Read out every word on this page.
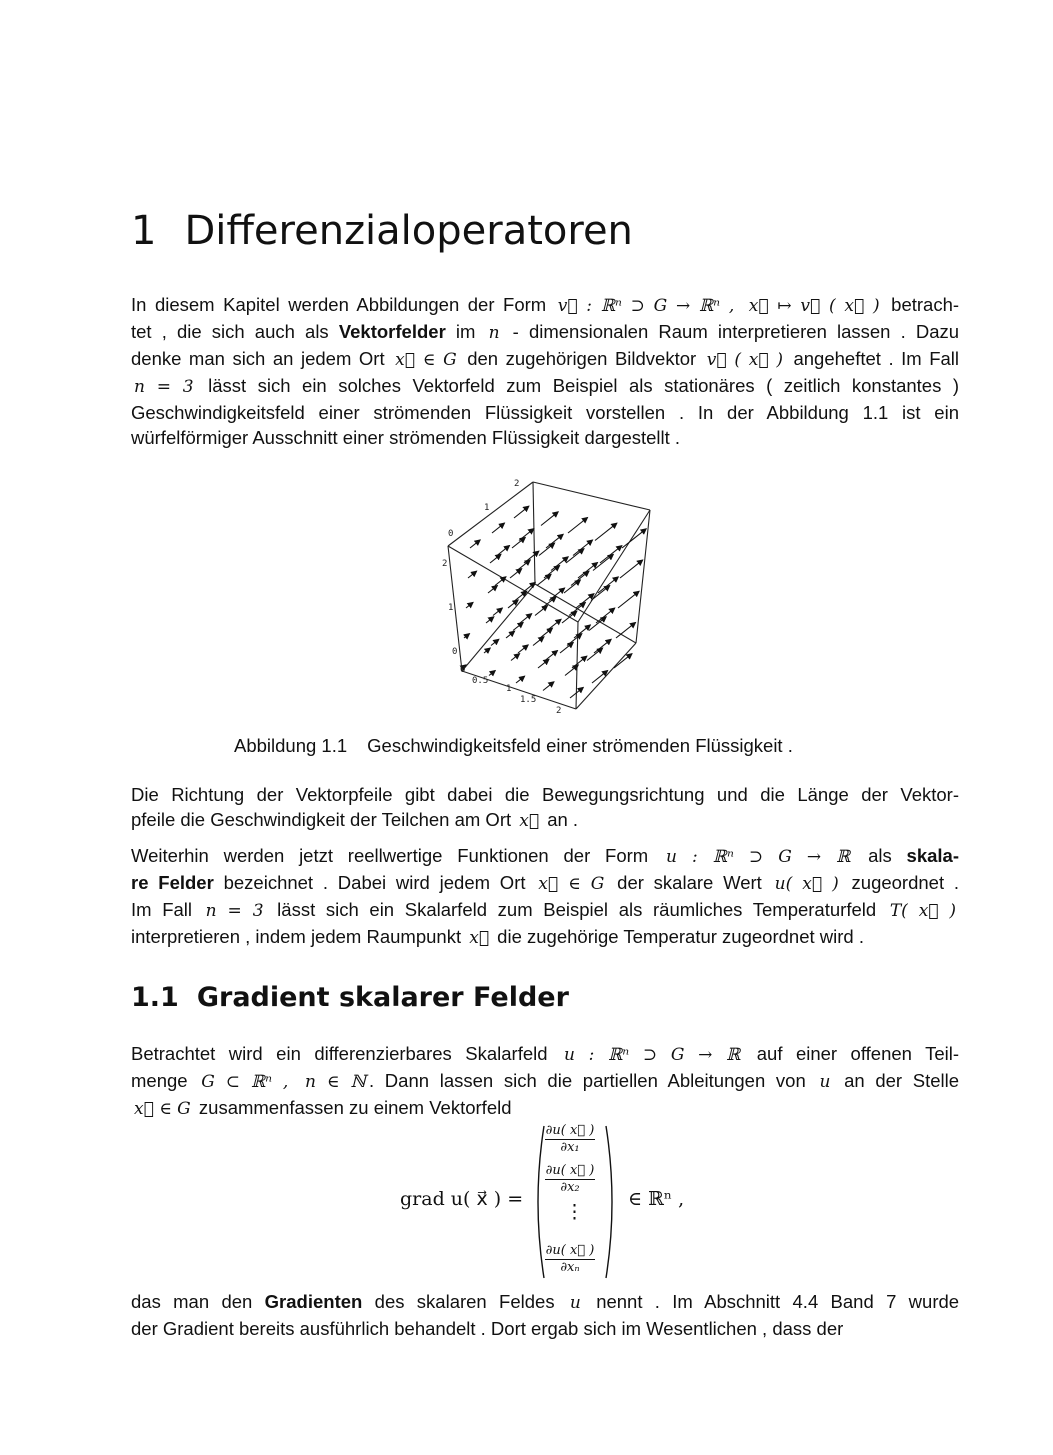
1 Differenzialoperatoren
In diesem Kapitel werden Abbildungen der Form v⃗ : ℝⁿ ⊃ G → ℝⁿ , x⃗ ↦ v⃗ ( x⃗ ) betrach-
tet , die sich auch als Vektorfelder im n - dimensionalen Raum interpretieren lassen . Dazu
denke man sich an jedem Ort x⃗ ∈ G den zugehörigen Bildvektor v⃗ ( x⃗ ) angeheftet . Im Fall
n = 3 lässt sich ein solches Vektorfeld zum Beispiel als stationäres ( zeitlich konstantes )
Geschwindigkeitsfeld einer strömenden Flüssigkeit vorstellen . In der Abbildung 1.1 ist ein
würfelförmiger Ausschnitt einer strömenden Flüssigkeit dargestellt .
0
1
2
0
1
2
0
0.5
1
1.5
2
Abbildung 1.1 Geschwindigkeitsfeld einer strömenden Flüssigkeit .
Die Richtung der Vektorpfeile gibt dabei die Bewegungsrichtung und die Länge der Vektor-
pfeile die Geschwindigkeit der Teilchen am Ort x⃗ an .
Weiterhin werden jetzt reellwertige Funktionen der Form u : ℝⁿ ⊃ G → ℝ als skala-
re Felder bezeichnet . Dabei wird jedem Ort x⃗ ∈ G der skalare Wert u( x⃗ ) zugeordnet .
Im Fall n = 3 lässt sich ein Skalarfeld zum Beispiel als räumliches Temperaturfeld T( x⃗ )
interpretieren , indem jedem Raumpunkt x⃗ die zugehörige Temperatur zugeordnet wird .
1.1 Gradient skalarer Felder
Betrachtet wird ein differenzierbares Skalarfeld u : ℝⁿ ⊃ G → ℝ auf einer offenen Teil-
menge G ⊂ ℝⁿ , n ∈ ℕ . Dann lassen sich die partiellen Ableitungen von u an der Stelle
x⃗ ∈ G zusammenfassen zu einem Vektorfeld
grad u( x⃗ ) =
$\frac{\partial u( x⃗ )}{\text{∂x₁}}$
$\frac{\partial u( x⃗ )}{\text{∂x₂}}$
⋮
$\frac{\partial u( x⃗ )}{\text{∂xₙ}}$
∈ ℝⁿ ,
das man den Gradienten des skalaren Feldes u nennt . Im Abschnitt 4.4 Band 7 wurde
der Gradient bereits ausführlich behandelt . Dort ergab sich im Wesentlichen , dass der
